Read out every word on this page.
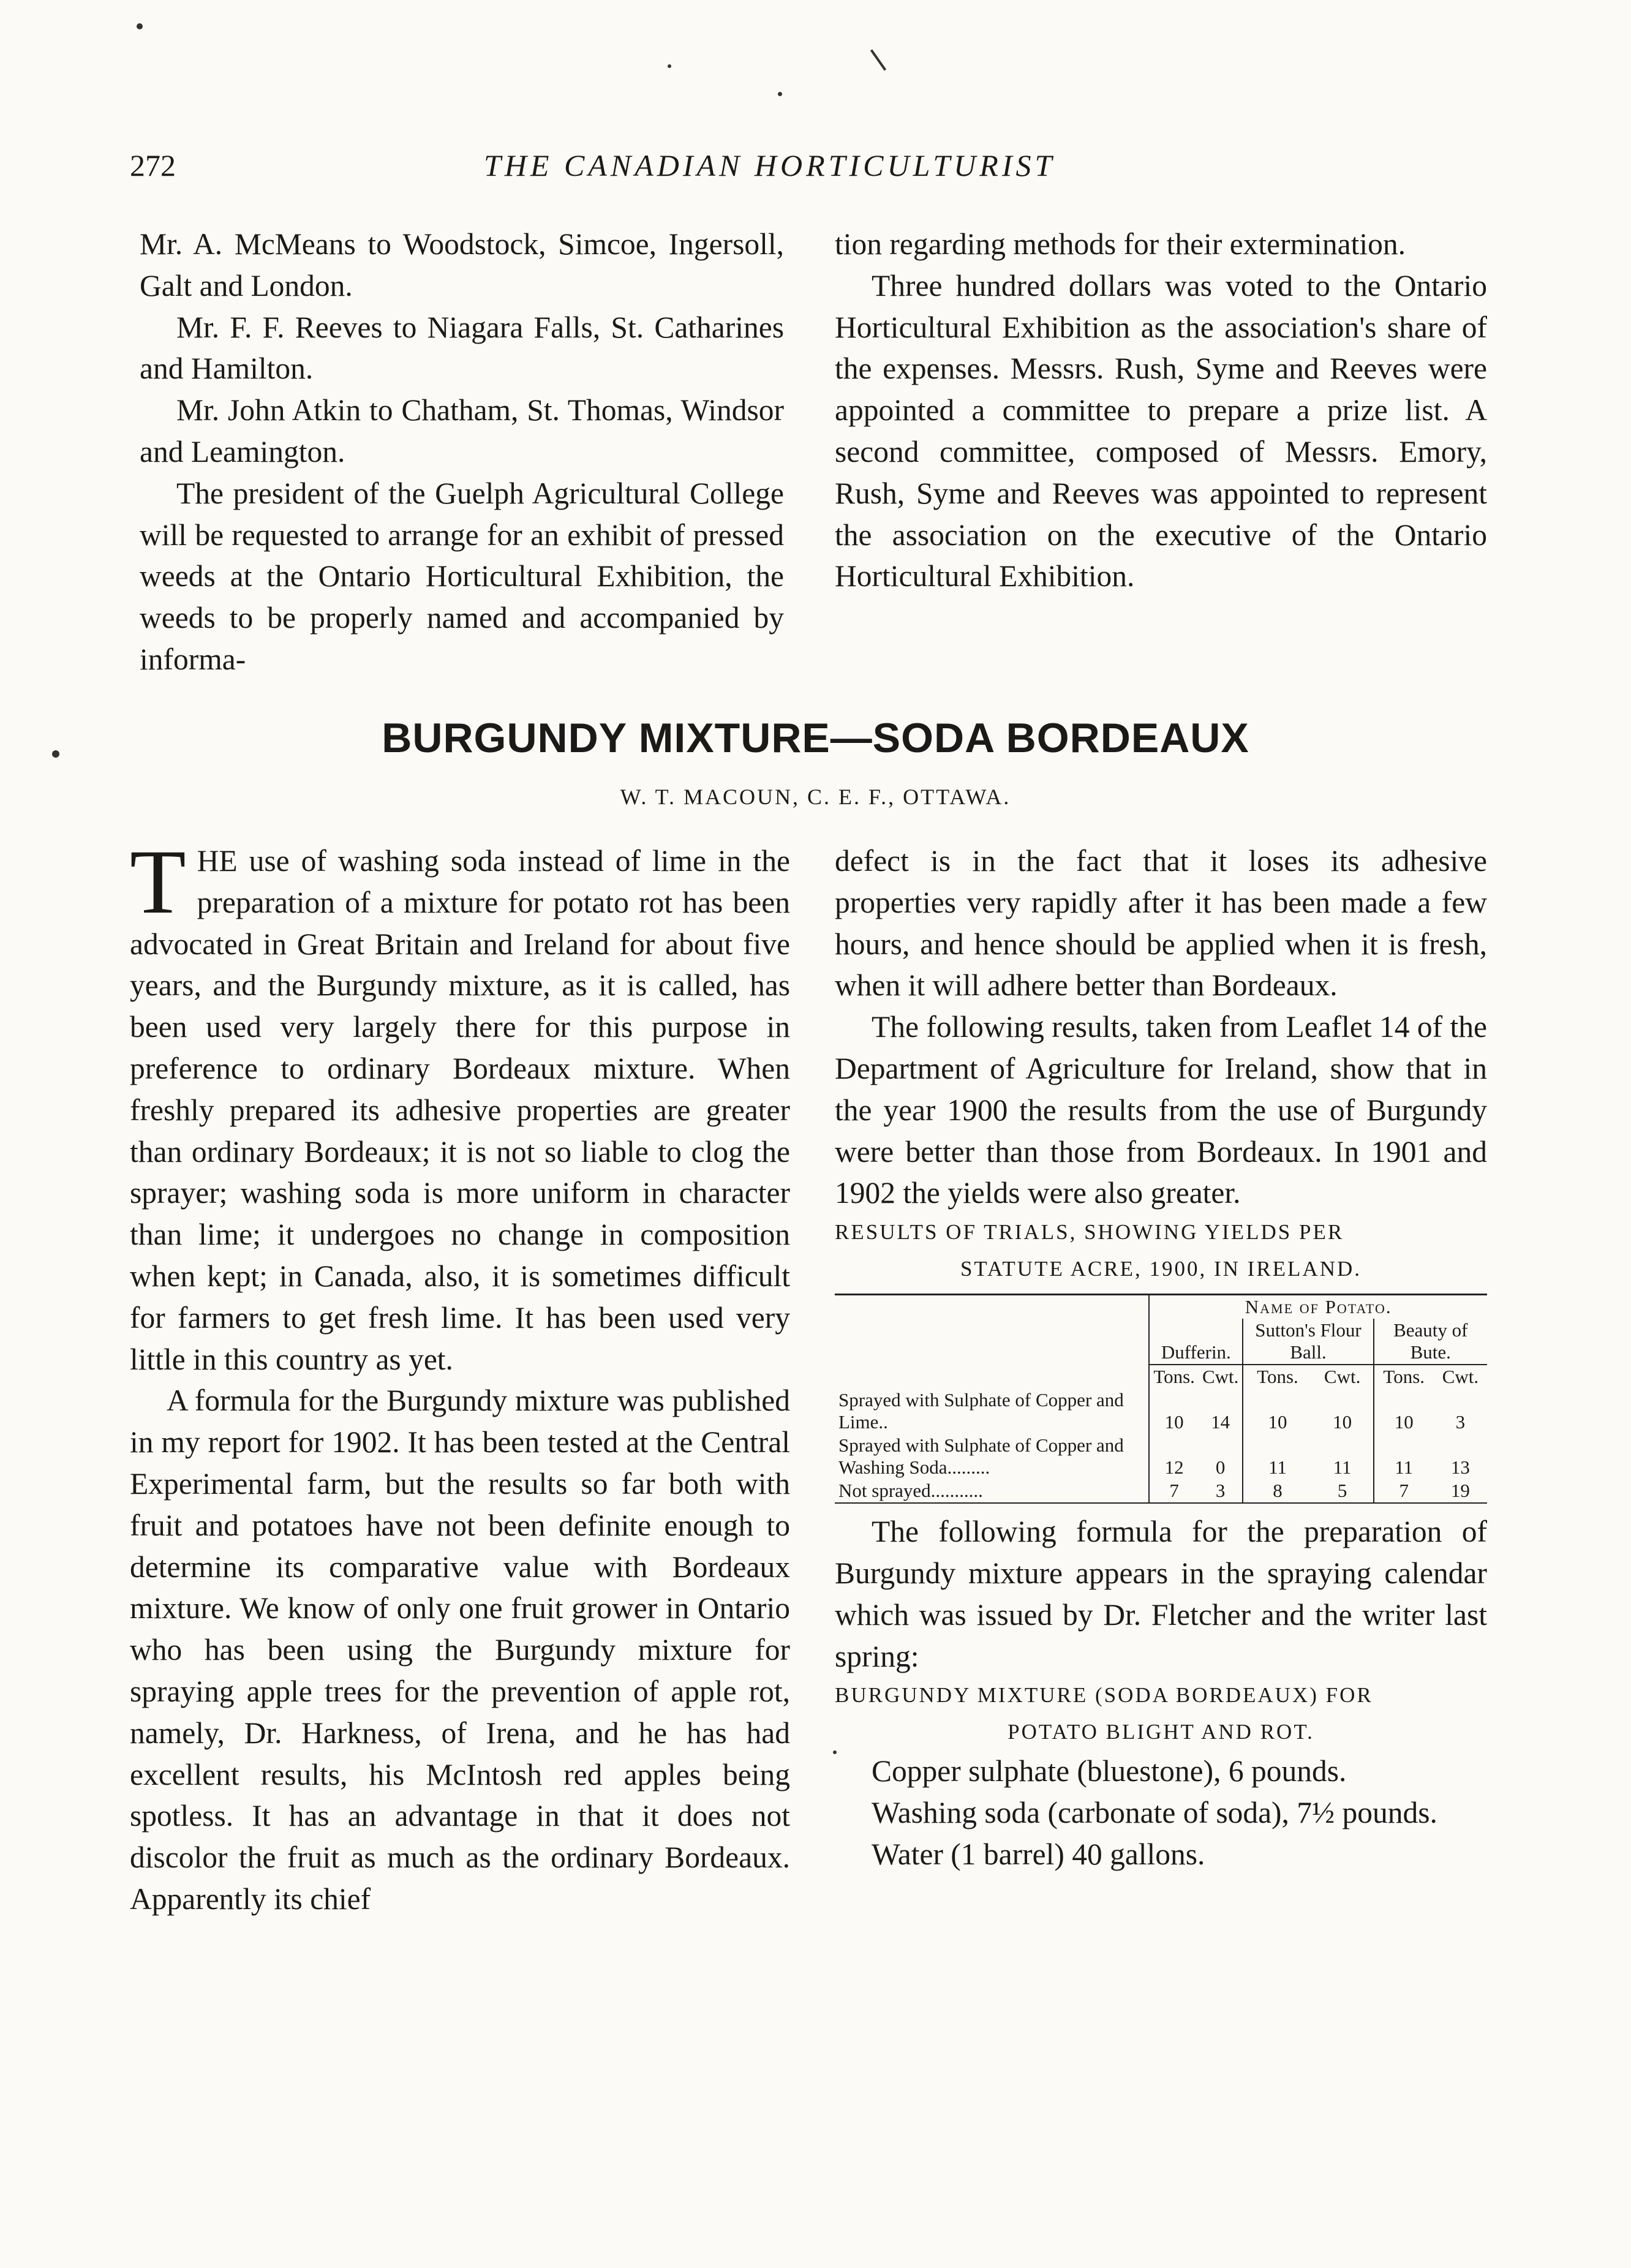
272	THE CANADIAN HORTICULTURIST

Mr. A. McMeans to Woodstock, Simcoe, Ingersoll, Galt and London.

Mr. F. F. Reeves to Niagara Falls, St. Catharines and Hamilton.

Mr. John Atkin to Chatham, St. Thomas, Windsor and Leamington.

The president of the Guelph Agricultural College will be requested to arrange for an exhibit of pressed weeds at the Ontario Horticultural Exhibition, the weeds to be properly named and accompanied by informa-

tion regarding methods for their extermination.

Three hundred dollars was voted to the Ontario Horticultural Exhibition as the association's share of the expenses. Messrs. Rush, Syme and Reeves were appointed a committee to prepare a prize list. A second committee, composed of Messrs. Emory, Rush, Syme and Reeves was appointed to represent the association on the executive of the Ontario Horticultural Exhibition.

BURGUNDY MIXTURE—SODA BORDEAUX
W. T. MACOUN, C. E. F., OTTAWA.

THE use of washing soda instead of lime in the preparation of a mixture for potato rot has been advocated in Great Britain and Ireland for about five years, and the Burgundy mixture, as it is called, has been used very largely there for this purpose in preference to ordinary Bordeaux mixture. When freshly prepared its adhesive properties are greater than ordinary Bordeaux; it is not so liable to clog the sprayer; washing soda is more uniform in character than lime; it undergoes no change in composition when kept; in Canada, also, it is sometimes difficult for farmers to get fresh lime. It has been used very little in this country as yet.

A formula for the Burgundy mixture was published in my report for 1902. It has been tested at the Central Experimental farm, but the results so far both with fruit and potatoes have not been definite enough to determine its comparative value with Bordeaux mixture. We know of only one fruit grower in Ontario who has been using the Burgundy mixture for spraying apple trees for the prevention of apple rot, namely, Dr. Harkness, of Irena, and he has had excellent results, his McIntosh red apples being spotless. It has an advantage in that it does not discolor the fruit as much as the ordinary Bordeaux. Apparently its chief

defect is in the fact that it loses its adhesive properties very rapidly after it has been made a few hours, and hence should be applied when it is fresh, when it will adhere better than Bordeaux.

The following results, taken from Leaflet 14 of the Department of Agriculture for Ireland, show that in the year 1900 the results from the use of Burgundy were better than those from Bordeaux. In 1901 and 1902 the yields were also greater.

RESULTS OF TRIALS, SHOWING YIELDS PER
STATUTE ACRE, 1900, IN IRELAND.
	Name of Potato.					
	Dufferin.		Sutton's Flour Ball.		Beauty of Bute.	
	Tons.	Cwt.	Tons.	Cwt.	Tons.	Cwt.
Sprayed with Sulphate of Copper and Lime..	10	14	10	10	10	3
Sprayed with Sulphate of Copper and Washing Soda.........	12	0	11	11	11	13
Not sprayed...........	7	3	8	5	7	19

The following formula for the preparation of Burgundy mixture appears in the spraying calendar which was issued by Dr. Fletcher and the writer last spring:

BURGUNDY MIXTURE (SODA BORDEAUX) FOR
POTATO BLIGHT AND ROT.

Copper sulphate (bluestone), 6 pounds.

Washing soda (carbonate of soda), 7½ pounds.

Water (1 barrel) 40 gallons.
